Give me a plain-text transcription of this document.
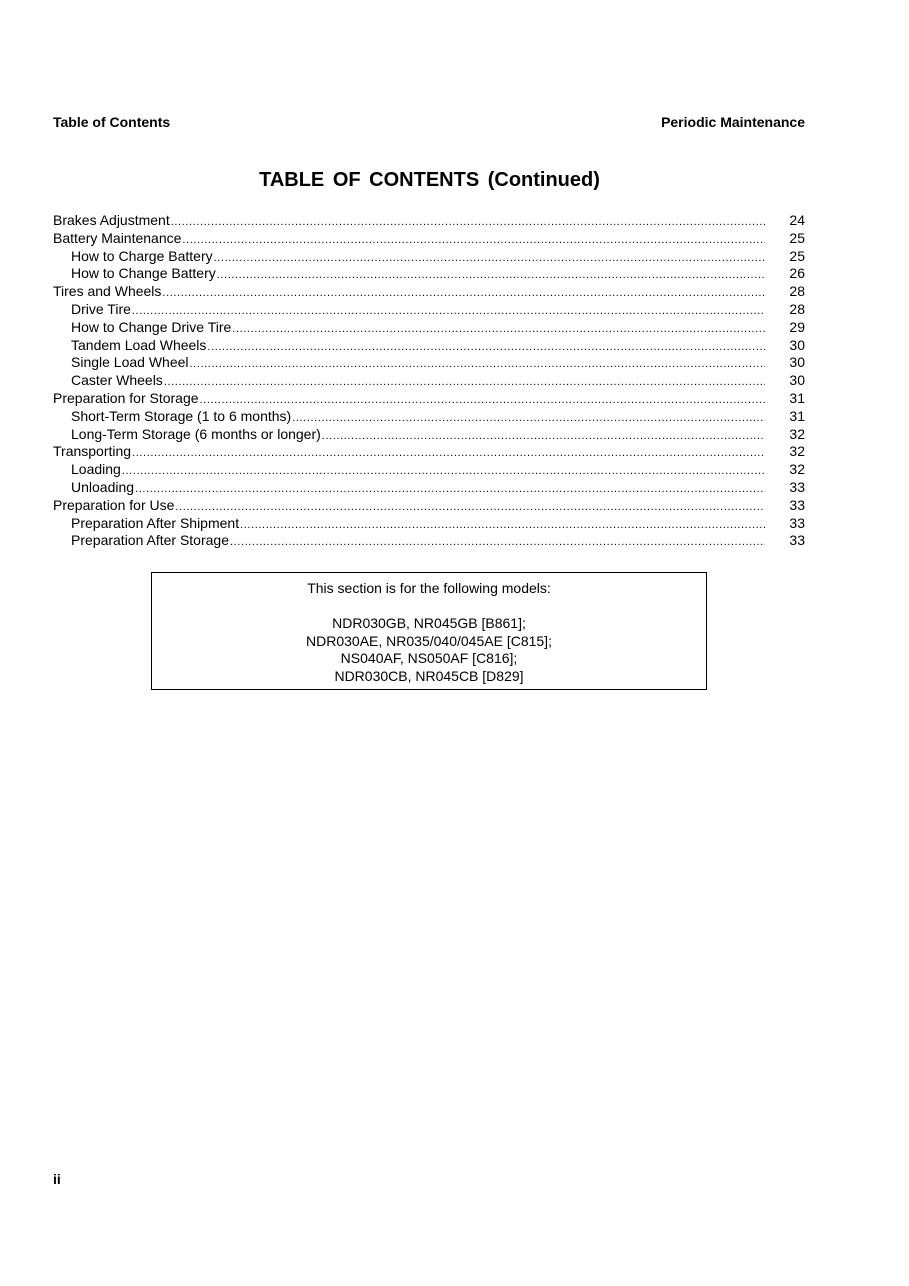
Table of Contents	Periodic Maintenance
TABLE OF CONTENTS (Continued)
Brakes Adjustment .....	24
Battery Maintenance .....	25
How to Charge Battery .....	25
How to Change Battery .....	26
Tires and Wheels .....	28
Drive Tire .....	28
How to Change Drive Tire .....	29
Tandem Load Wheels .....	30
Single Load Wheel .....	30
Caster Wheels .....	30
Preparation for Storage .....	31
Short-Term Storage (1 to 6 months) .....	31
Long-Term Storage (6 months or longer) .....	32
Transporting .....	32
Loading .....	32
Unloading .....	33
Preparation for Use .....	33
Preparation After Shipment .....	33
Preparation After Storage .....	33
This section is for the following models:
NDR030GB, NR045GB [B861];
NDR030AE, NR035/040/045AE [C815];
NS040AF, NS050AF [C816];
NDR030CB, NR045CB [D829]
ii
